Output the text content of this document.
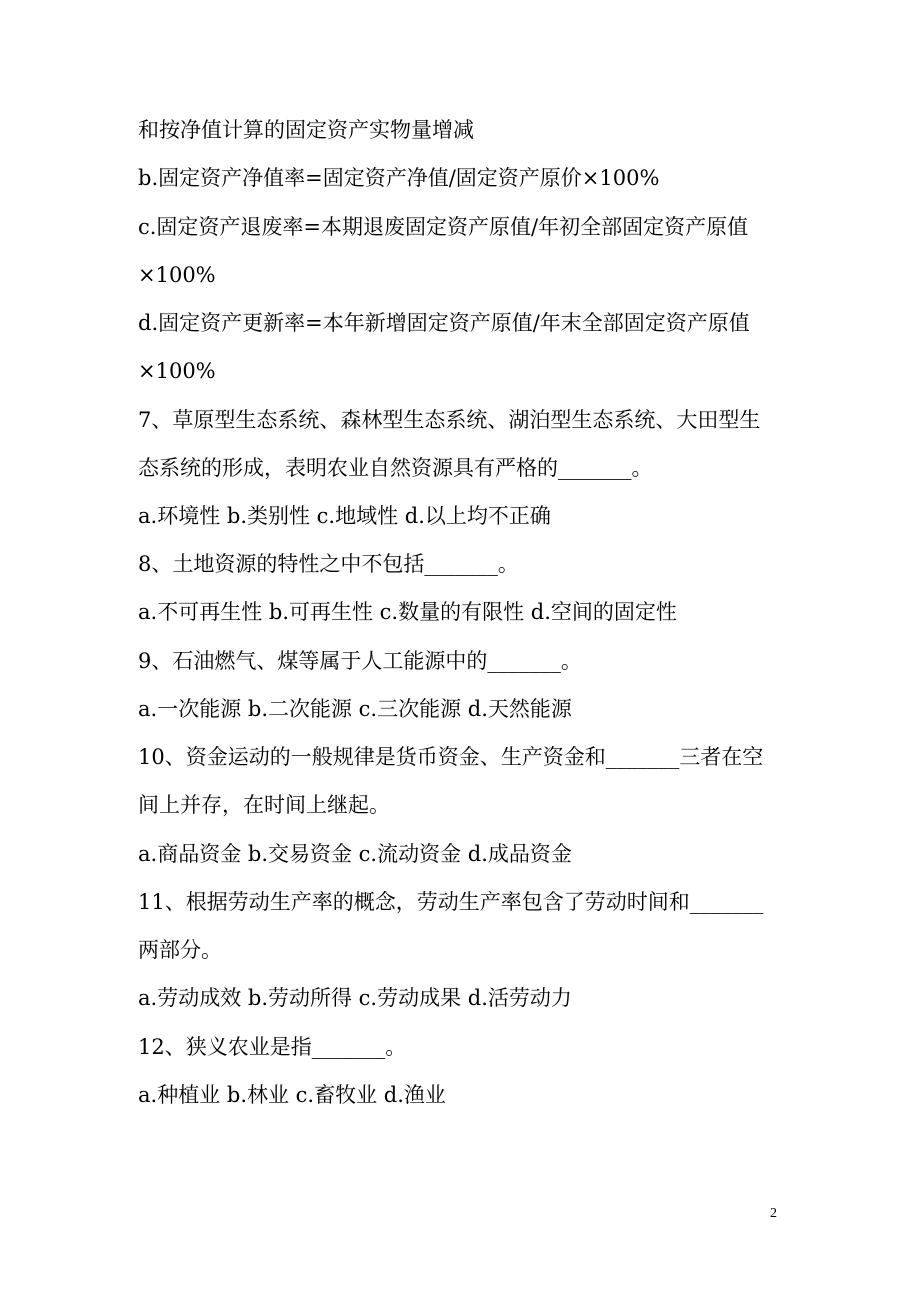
和按净值计算的固定资产实物量增减
b.固定资产净值率=固定资产净值/固定资产原价×100%
c.固定资产退废率=本期退废固定资产原值/年初全部固定资产原值
×100%
d.固定资产更新率=本年新增固定资产原值/年末全部固定资产原值
×100%
7、草原型生态系统、森林型生态系统、湖泊型生态系统、大田型生
态系统的形成，表明农业自然资源具有严格的_______。
a.环境性 b.类别性 c.地域性 d.以上均不正确
8、土地资源的特性之中不包括_______。
a.不可再生性 b.可再生性 c.数量的有限性 d.空间的固定性
9、石油燃气、煤等属于人工能源中的_______。
a.一次能源 b.二次能源 c.三次能源 d.天然能源
10、资金运动的一般规律是货币资金、生产资金和_______三者在空
间上并存，在时间上继起。
a.商品资金 b.交易资金 c.流动资金 d.成品资金
11、根据劳动生产率的概念，劳动生产率包含了劳动时间和_______
两部分。
a.劳动成效 b.劳动所得 c.劳动成果 d.活劳动力
12、狭义农业是指_______。
a.种植业 b.林业 c.畜牧业 d.渔业
2
